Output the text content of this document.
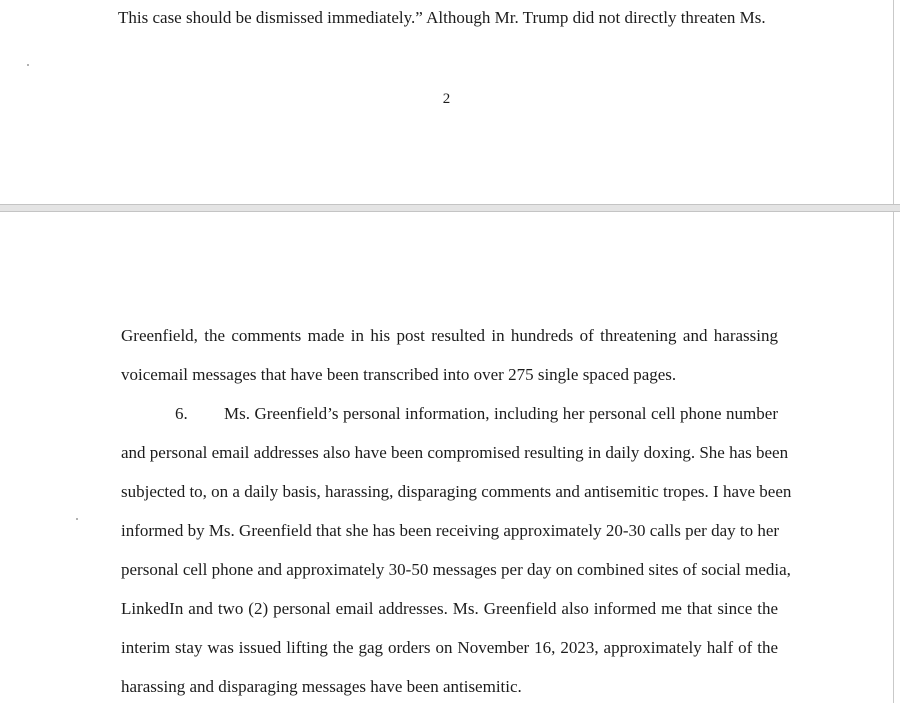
This case should be dismissed immediately.” Although Mr. Trump did not directly threaten Ms.
2
Greenfield, the comments made in his post resulted in hundreds of threatening and harassing
voicemail messages that have been transcribed into over 275 single spaced pages.
6. Ms. Greenfield’s personal information, including her personal cell phone number
and personal email addresses also have been compromised resulting in daily doxing. She has been
subjected to, on a daily basis, harassing, disparaging comments and antisemitic tropes. I have been
informed by Ms. Greenfield that she has been receiving approximately 20-30 calls per day to her
personal cell phone and approximately 30-50 messages per day on combined sites of social media,
LinkedIn and two (2) personal email addresses. Ms. Greenfield also informed me that since the
interim stay was issued lifting the gag orders on November 16, 2023, approximately half of the
harassing and disparaging messages have been antisemitic.
